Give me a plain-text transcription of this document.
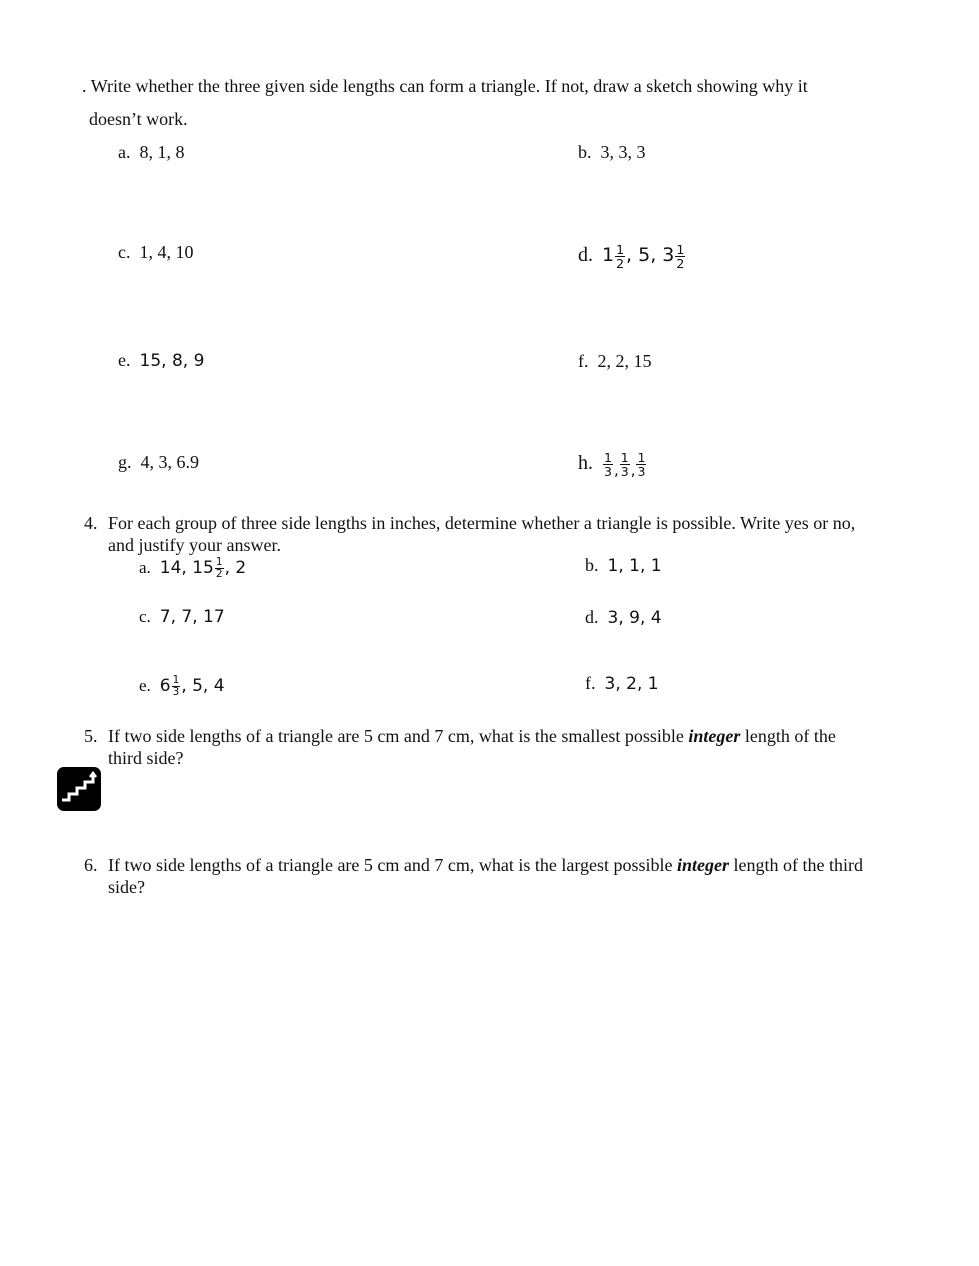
. Write whether the three given side lengths can form a triangle. If not, draw a sketch showing why it
doesn’t work.
a. 8, 1, 8	b. 3, 3, 3
c. 1, 4, 10	d. $1 \frac{1}{2}$ , 5, $3 \frac{1}{2}$
e. 15, 8, 9	f. 2, 2, 15
g. 4, 3, 6.9	h. $\frac{1}{3}$ , $\frac{1}{3}$ , $\frac{1}{3}$
4. For each group of three side lengths in inches, determine whether a triangle is possible. Write yes or no,
and justify your answer.
a. 14, $15 \frac{1}{2}$ , 2	b. 1, 1, 1
c. 7, 7, 17	d. 3, 9, 4
e. $6 \frac{1}{3}$ , 5, 4	f. 3, 2, 1
5. If two side lengths of a triangle are 5 cm and 7 cm, what is the smallest possible integer length of the
third side?
6. If two side lengths of a triangle are 5 cm and 7 cm, what is the largest possible integer length of the third
side?
